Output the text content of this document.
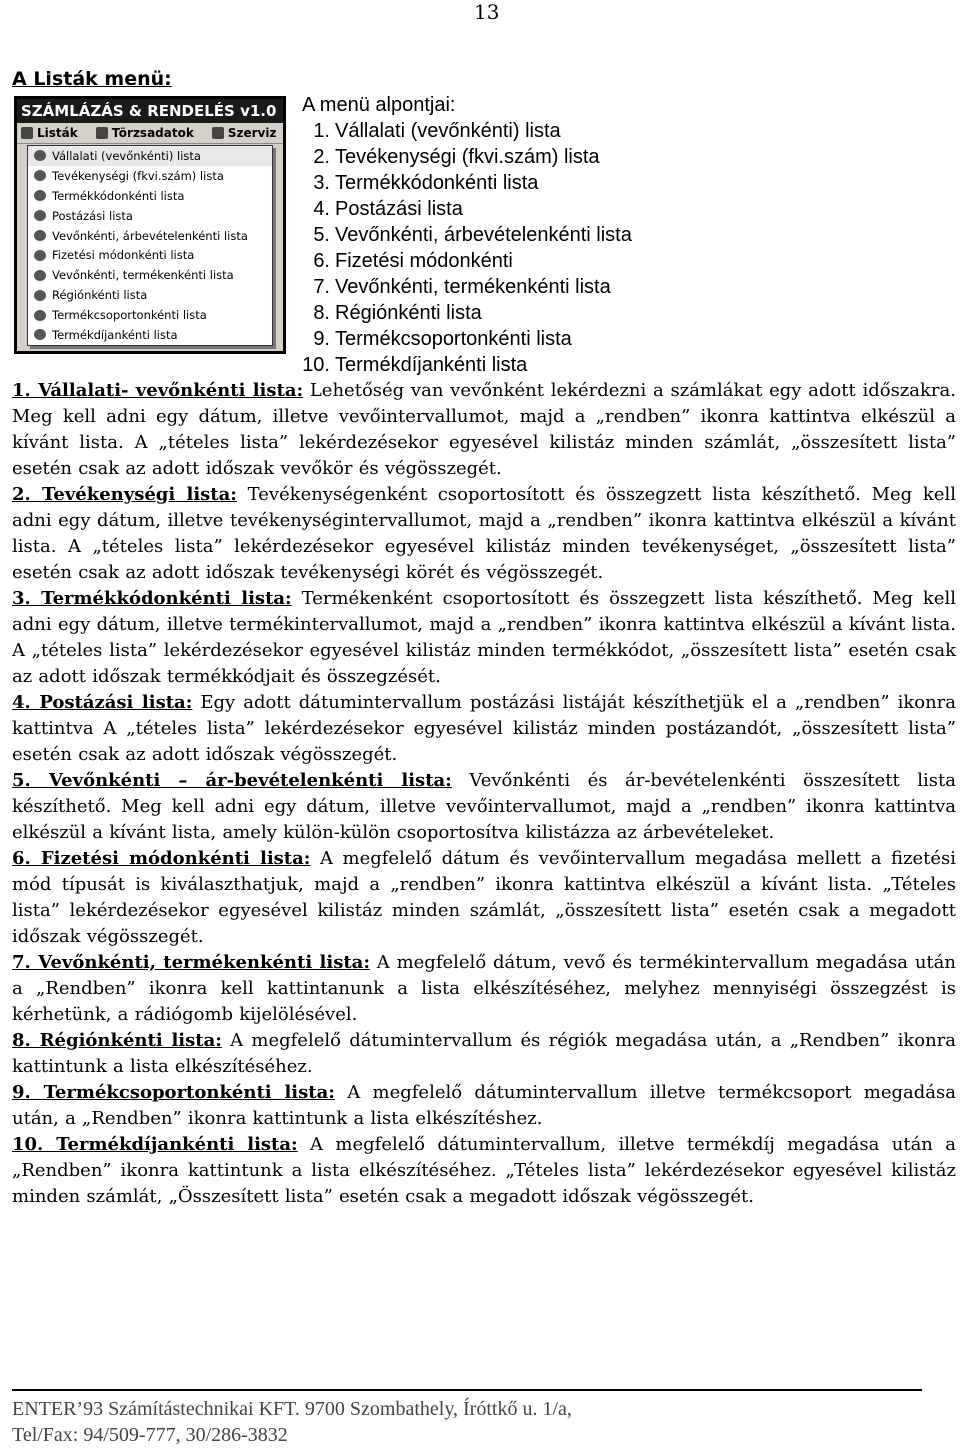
13
A Listák menü:
SZÁMLÁZÁS & RENDELÉS v1.0
Listák	Törzsadatok	Szerviz
Vállalati (vevőnkénti) lista
Tevékenységi (fkvi.szám) lista
Termékkódonkénti lista
Postázási lista
Vevőnkénti, árbevételenkénti lista
Fizetési módonkénti lista
Vevőnkénti, termékenkénti lista
Régiónkénti lista
Termékcsoportonkénti lista
Termékdíjankénti lista
A menü alpontjai:
1. Vállalati (vevőnkénti) lista
2. Tevékenységi (fkvi.szám) lista
3. Termékkódonkénti lista
4. Postázási lista
5. Vevőnkénti, árbevételenkénti lista
6. Fizetési módonkénti
7. Vevőnkénti, termékenkénti lista
8. Régiónkénti lista
9. Termékcsoportonkénti lista
10. Termékdíjankénti lista

1. Vállalati- vevőnkénti lista: Lehetőség van vevőnként lekérdezni a számlákat egy adott időszakra. Meg kell adni egy dátum, illetve vevőintervallumot, majd a „rendben” ikonra kattintva elkészül a kívánt lista. A „tételes lista” lekérdezésekor egyesével kilistáz minden számlát, „összesített lista” esetén csak az adott időszak vevőkör és végösszegét.

2. Tevékenységi lista: Tevékenységenként csoportosított és összegzett lista készíthető. Meg kell adni egy dátum, illetve tevékenységintervallumot, majd a „rendben” ikonra kattintva elkészül a kívánt lista. A „tételes lista” lekérdezésekor egyesével kilistáz minden tevékenységet, „összesített lista” esetén csak az adott időszak tevékenységi körét és végösszegét.

3. Termékkódonkénti lista: Termékenként csoportosított és összegzett lista készíthető. Meg kell adni egy dátum, illetve termékintervallumot, majd a „rendben” ikonra kattintva elkészül a kívánt lista. A „tételes lista” lekérdezésekor egyesével kilistáz minden termékkódot, „összesített lista” esetén csak az adott időszak termékkódjait és összegzését.

4. Postázási lista: Egy adott dátumintervallum postázási listáját készíthetjük el a „rendben” ikonra kattintva A „tételes lista” lekérdezésekor egyesével kilistáz minden postázandót, „összesített lista” esetén csak az adott időszak végösszegét.

5. Vevőnkénti – ár-bevételenkénti lista: Vevőnkénti és ár-bevételenkénti összesített lista készíthető. Meg kell adni egy dátum, illetve vevőintervallumot, majd a „rendben” ikonra kattintva elkészül a kívánt lista, amely külön-külön csoportosítva kilistázza az árbevételeket.

6. Fizetési módonkénti lista: A megfelelő dátum és vevőintervallum megadása mellett a fizetési mód típusát is kiválaszthatjuk, majd a „rendben” ikonra kattintva elkészül a kívánt lista. „Tételes lista” lekérdezésekor egyesével kilistáz minden számlát, „összesített lista” esetén csak a megadott időszak végösszegét.

7. Vevőnkénti, termékenkénti lista: A megfelelő dátum, vevő és termékintervallum megadása után a „Rendben” ikonra kell kattintanunk a lista elkészítéséhez, melyhez mennyiségi összegzést is kérhetünk, a rádiógomb kijelölésével.

8. Régiónkénti lista: A megfelelő dátumintervallum és régiók megadása után, a „Rendben” ikonra kattintunk a lista elkészítéséhez.

9. Termékcsoportonkénti lista: A megfelelő dátumintervallum illetve termékcsoport megadása után, a „Rendben” ikonra kattintunk a lista elkészítéshez.

10. Termékdíjankénti lista: A megfelelő dátumintervallum, illetve termékdíj megadása után a „Rendben” ikonra kattintunk a lista elkészítéséhez. „Tételes lista” lekérdezésekor egyesével kilistáz minden számlát, „Összesített lista” esetén csak a megadott időszak végösszegét.

ENTER’93 Számítástechnikai KFT. 9700 Szombathely, Íróttkő u. 1/a,
Tel/Fax: 94/509-777, 30/286-3832
